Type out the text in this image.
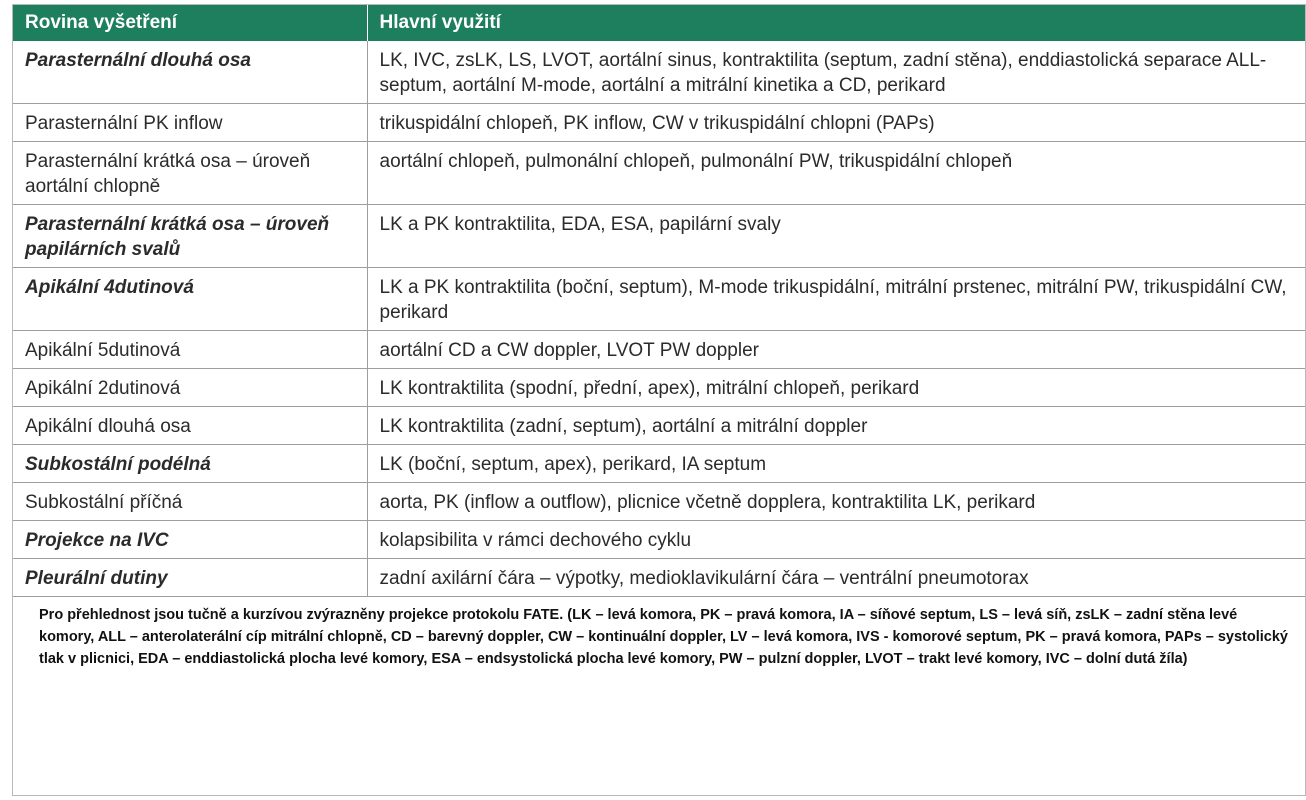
Rovina vyšetření	Hlavní využití
Parasternální dlouhá osa	LK, IVC, zsLK, LS, LVOT, aortální sinus, kontraktilita (septum, zadní stěna), enddiastolická separace ALL-septum, aortální M-mode, aortální a mitrální kinetika a CD, perikard
Parasternální PK inflow	trikuspidální chlopeň, PK inflow, CW v trikuspidální chlopni (PAPs)
Parasternální krátká osa – úroveň aortální chlopně	aortální chlopeň, pulmonální chlopeň, pulmonální PW, trikuspidální chlopeň
Parasternální krátká osa – úroveň papilárních svalů	LK a PK kontraktilita, EDA, ESA, papilární svaly
Apikální 4dutinová	LK a PK kontraktilita (boční, septum), M-mode trikuspidální, mitrální prstenec, mitrální PW, trikuspidální CW, perikard
Apikální 5dutinová	aortální CD a CW doppler, LVOT PW doppler
Apikální 2dutinová	LK kontraktilita (spodní, přední, apex), mitrální chlopeň, perikard
Apikální dlouhá osa	LK kontraktilita (zadní, septum), aortální a mitrální doppler
Subkostální podélná	LK (boční, septum, apex), perikard, IA septum
Subkostální příčná	aorta, PK (inflow a outflow), plicnice včetně dopplera, kontraktilita LK, perikard
Projekce na IVC	kolapsibilita v rámci dechového cyklu
Pleurální dutiny	zadní axilární čára – výpotky, medioklavikulární čára – ventrální pneumotorax
Pro přehlednost jsou tučně a kurzívou zvýrazněny projekce protokolu FATE. (LK – levá komora, PK – pravá komora, IA – síňové septum, LS – levá síň, zsLK – zadní stěna levé komory, ALL – anterolaterální cíp mitrální chlopně, CD – barevný doppler, CW – kontinuální doppler, LV – levá komora, IVS - komorové septum, PK – pravá komora, PAPs – systolický tlak v plicnici, EDA – enddiastolická plocha levé komory, ESA – endsystolická plocha levé komory, PW – pulzní doppler, LVOT – trakt levé komory, IVC – dolní dutá žíla)
